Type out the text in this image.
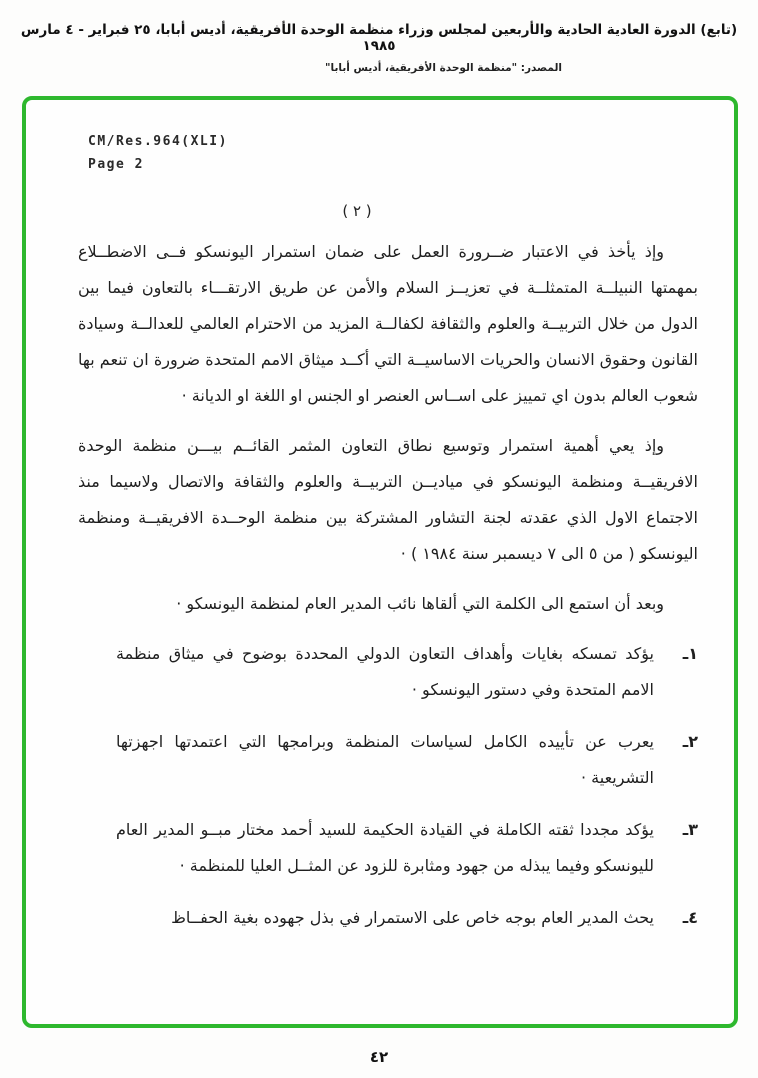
(تابع) الدورة العادية الحادية والأربعين لمجلس وزراء منظمة الوحدة الأفريقية، أديس أبابا، ٢٥ فبراير - ٤ مارس ١٩٨٥
المصدر: "منظمة الوحدة الأفريقية، أديس أبابا"
CM/Res.964(XLI)
Page 2
( ٢ )

وإذ يأخذ في الاعتبار ضــرورة العمل على ضمان استمرار اليونسكو فــى الاضطــلاع بمهمتها النبيلــة المتمثلــة في تعزيــز السلام والأمن عن طريق الارتقـــاء بالتعاون فيما بين الدول من خلال التربيــة والعلوم والثقافة لكفالــة المزيد من الاحترام العالمي للعدالــة وسيادة القانون وحقوق الانسان والحريات الاساسيــة التي أكــد ميثاق الامم المتحدة ضرورة ان تنعم بها شعوب العالم بدون اي تمييز على اســاس العنصر او الجنس او اللغة او الديانة ·

وإذ يعي أهمية استمرار وتوسيع نطاق التعاون المثمر القائــم بيـــن منظمة الوحدة الافريقيــة ومنظمة اليونسكو في مياديــن التربيــة والعلوم والثقافة والاتصال ولاسيما منذ الاجتماع الاول الذي عقدته لجنة التشاور المشتركة بين منظمة الوحــدة الافريقيــة ومنظمة اليونسكو ( من ٥ الى ٧ ديسمبر سنة ١٩٨٤ ) ·

وبعد أن استمع الى الكلمة التي ألقاها نائب المدير العام لمنظمة اليونسكو ·

١ـ
يؤكد تمسكه بغايات وأهداف التعاون الدولي المحددة بوضوح في ميثاق منظمة الامم المتحدة وفي دستور اليونسكو ·
٢ـ
يعرب عن تأييده الكامل لسياسات المنظمة وبرامجها التي اعتمدتها اجهزتها التشريعية ·
٣ـ
يؤكد مجددا ثقته الكاملة في القيادة الحكيمة للسيد أحمد مختار مبــو المدير العام لليونسكو وفيما يبذله من جهود ومثابرة للزود عن المثــل العليا للمنظمة ·
٤ـ
يحث المدير العام بوجه خاص على الاستمرار في بذل جهوده بغية الحفــاظ
٤٢
